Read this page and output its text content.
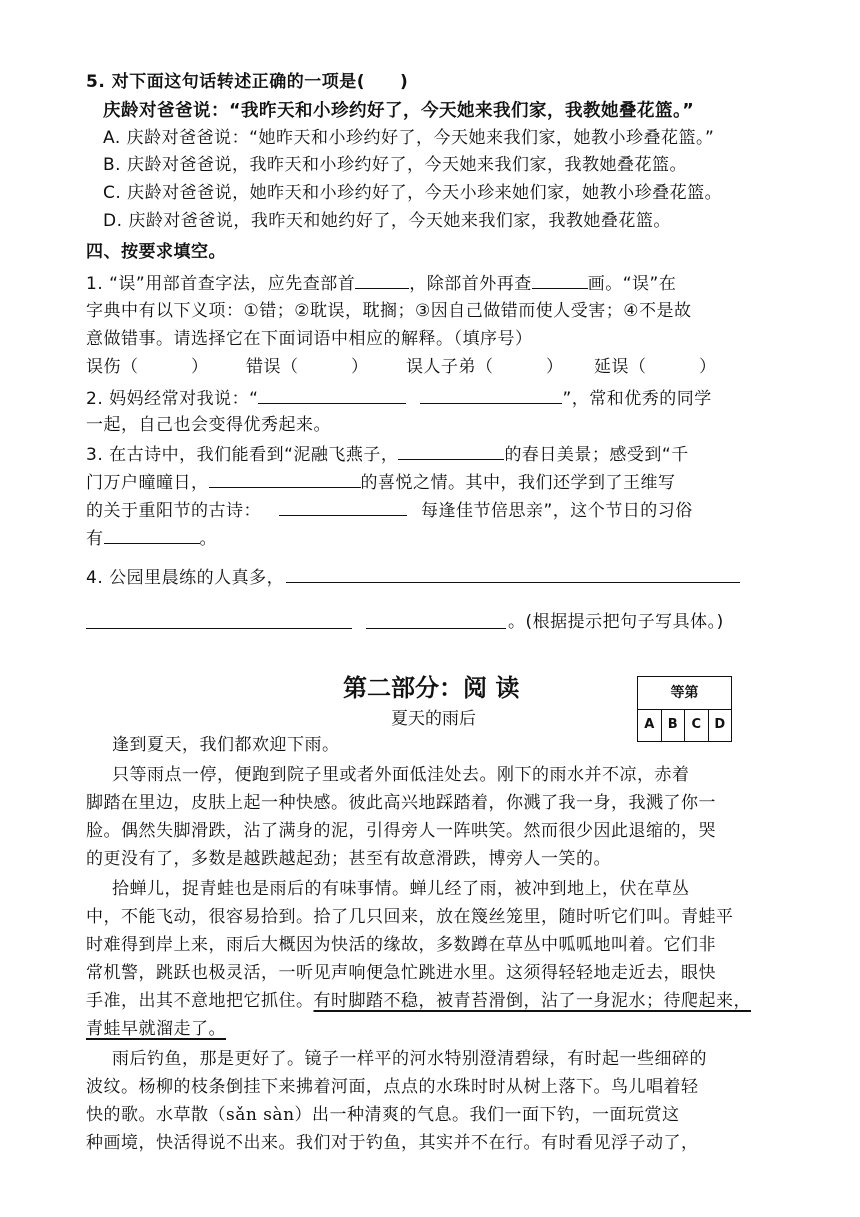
5. 对下面这句话转述正确的一项是(　　)
庆龄对爸爸说：“我昨天和小珍约好了，今天她来我们家，我教她叠花篮。”
A. 庆龄对爸爸说：“她昨天和小珍约好了，今天她来我们家，她教小珍叠花篮。”
B. 庆龄对爸爸说，我昨天和小珍约好了，今天她来我们家，我教她叠花篮。
C. 庆龄对爸爸说，她昨天和小珍约好了，今天小珍来她们家，她教小珍叠花篮。
D. 庆龄对爸爸说，我昨天和她约好了，今天她来我们家，我教她叠花篮。
四、按要求填空。
1. “误”用部首查字法，应先查部首	，除部首外再查	画。“误”在
字典中有以下义项：①错；②耽误，耽搁；③因自己做错而使人受害；④不是故
意做错事。请选择它在下面词语中相应的解释。（填序号）
误伤（　　　） 错误（　　　） 误人子弟（　　　） 延误（　　　）
2. 妈妈经常对我说：“	”，常和优秀的同学
一起，自己也会变得优秀起来。
3. 在古诗中，我们能看到“泥融飞燕子，	的春日美景；感受到“千
门万户曈曈日，	的喜悦之情。其中，我们还学到了王维写
的关于重阳节的古诗：	每逢佳节倍思亲”，这个节日的习俗
有	。
4. 公园里晨练的人真多，
。(根据提示把句子写具体。)
第二部分：阅 读
夏天的雨后
等第
A	B	C	D
逢到夏天，我们都欢迎下雨。
只等雨点一停，便跑到院子里或者外面低洼处去。刚下的雨水并不凉，赤着
脚踏在里边，皮肤上起一种快感。彼此高兴地踩踏着，你溅了我一身，我溅了你一
脸。偶然失脚滑跌，沾了满身的泥，引得旁人一阵哄笑。然而很少因此退缩的，哭
的更没有了，多数是越跌越起劲；甚至有故意滑跌，博旁人一笑的。
拾蝉儿，捉青蛙也是雨后的有味事情。蝉儿经了雨，被冲到地上，伏在草丛
中，不能飞动，很容易拾到。拾了几只回来，放在篾丝笼里，随时听它们叫。青蛙平
时难得到岸上来，雨后大概因为快活的缘故，多数蹲在草丛中呱呱地叫着。它们非
常机警，跳跃也极灵活，一听见声响便急忙跳进水里。这须得轻轻地走近去，眼快
手准，出其不意地把它抓住。有时脚踏不稳，被青苔滑倒，沾了一身泥水；待爬起来，
青蛙早就溜走了。
雨后钓鱼，那是更好了。镜子一样平的河水特别澄清碧绿，有时起一些细碎的
波纹。杨柳的枝条倒挂下来拂着河面，点点的水珠时时从树上落下。鸟儿唱着轻
快的歌。水草散（sǎn sàn）出一种清爽的气息。我们一面下钓，一面玩赏这
种画境，快活得说不出来。我们对于钓鱼，其实并不在行。有时看见浮子动了，
